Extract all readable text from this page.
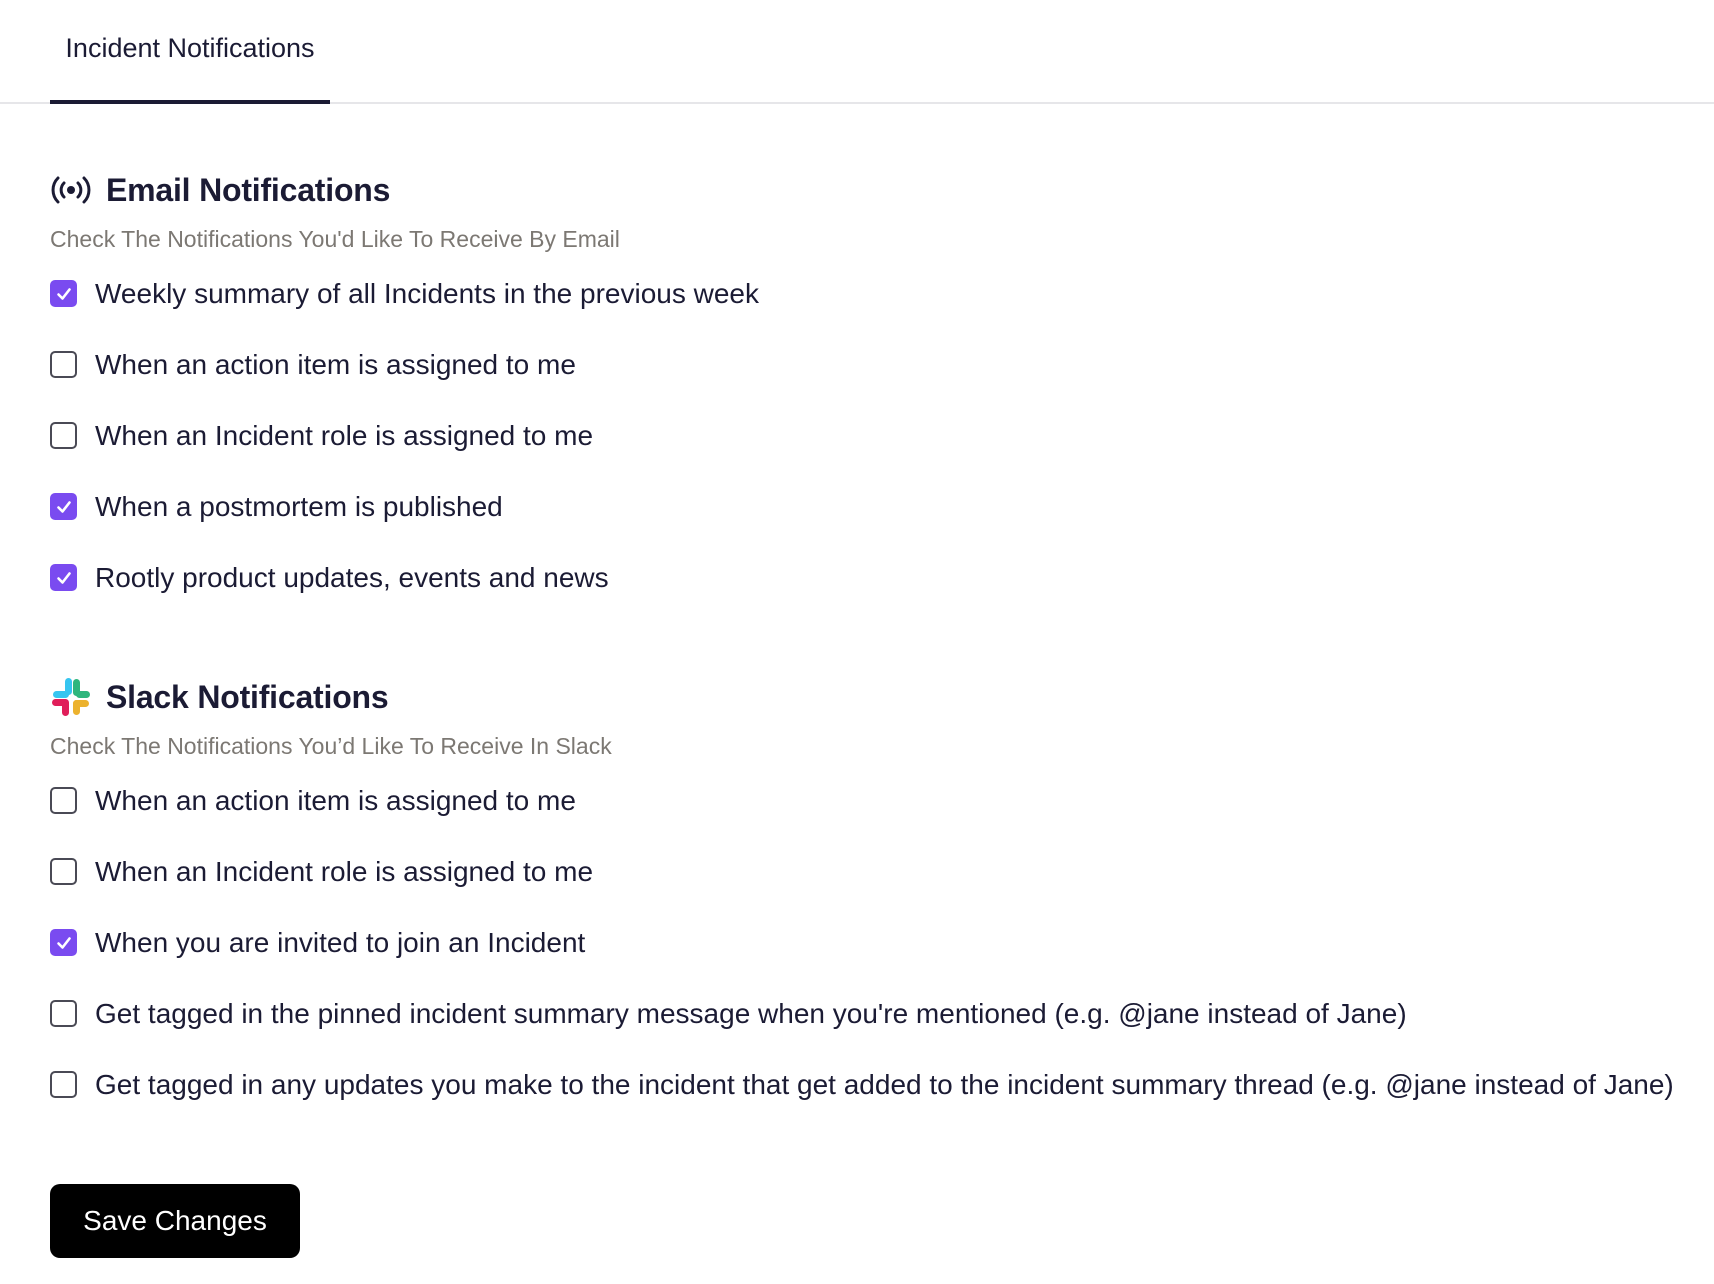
Incident Notifications
Email Notifications
Check The Notifications You'd Like To Receive By Email
Weekly summary of all Incidents in the previous week
When an action item is assigned to me
When an Incident role is assigned to me
When a postmortem is published
Rootly product updates, events and news
Slack Notifications
Check The Notifications You’d Like To Receive In Slack
When an action item is assigned to me
When an Incident role is assigned to me
When you are invited to join an Incident
Get tagged in the pinned incident summary message when you're mentioned (e.g. @jane instead of Jane)
Get tagged in any updates you make to the incident that get added to the incident summary thread (e.g. @jane instead of Jane)
Save Changes
